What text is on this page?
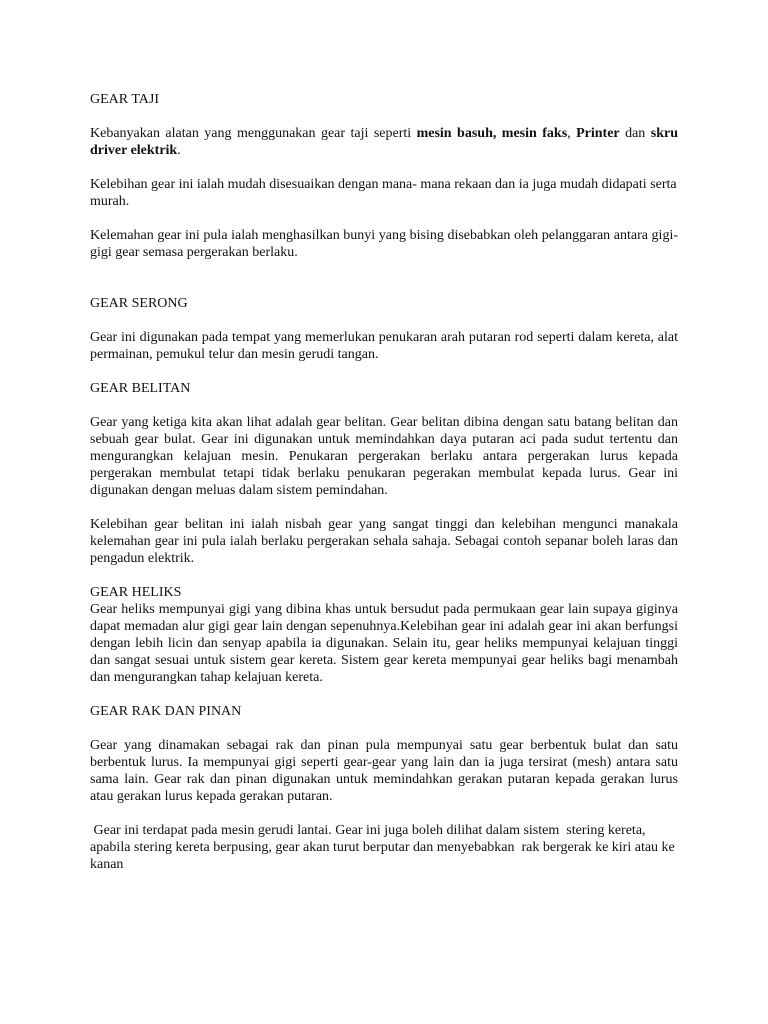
GEAR TAJI

Kebanyakan alatan yang menggunakan gear taji seperti mesin basuh, mesin faks, Printer dan skru driver elektrik.

Kelebihan gear ini ialah mudah disesuaikan dengan mana- mana rekaan dan ia juga mudah didapati serta murah.

Kelemahan gear ini pula ialah menghasilkan bunyi yang bising disebabkan oleh pelanggaran antara gigi-gigi gear semasa pergerakan berlaku.

GEAR SERONG

Gear ini digunakan pada tempat yang memerlukan penukaran arah putaran rod seperti dalam kereta, alat permainan, pemukul telur dan mesin gerudi tangan.

GEAR BELITAN

Gear yang ketiga kita akan lihat adalah gear belitan. Gear belitan dibina dengan satu batang belitan dan sebuah gear bulat. Gear ini digunakan untuk memindahkan daya putaran aci pada sudut tertentu dan mengurangkan kelajuan mesin. Penukaran pergerakan berlaku antara pergerakan lurus kepada pergerakan membulat tetapi tidak berlaku penukaran pegerakan membulat kepada lurus. Gear ini digunakan dengan meluas dalam sistem pemindahan.

Kelebihan gear belitan ini ialah nisbah gear yang sangat tinggi dan kelebihan mengunci manakala kelemahan gear ini pula ialah berlaku pergerakan sehala sahaja. Sebagai contoh sepanar boleh laras dan pengadun elektrik.

GEAR HELIKS

Gear heliks mempunyai gigi yang dibina khas untuk bersudut pada permukaan gear lain supaya giginya dapat memadan alur gigi gear lain dengan sepenuhnya.Kelebihan gear ini adalah gear ini akan berfungsi dengan lebih licin dan senyap apabila ia digunakan. Selain itu, gear heliks mempunyai kelajuan tinggi dan sangat sesuai untuk sistem gear kereta. Sistem gear kereta mempunyai gear heliks bagi menambah dan mengurangkan tahap kelajuan kereta.

GEAR RAK DAN PINAN

Gear yang dinamakan sebagai rak dan pinan pula mempunyai satu gear berbentuk bulat dan satu berbentuk lurus. Ia mempunyai gigi seperti gear-gear yang lain dan ia juga tersirat (mesh) antara satu sama lain. Gear rak dan pinan digunakan untuk memindahkan gerakan putaran kepada gerakan lurus atau gerakan lurus kepada gerakan putaran.

Gear ini terdapat pada mesin gerudi lantai. Gear ini juga boleh dilihat dalam sistem  stering kereta, apabila stering kereta berpusing, gear akan turut berputar dan menyebabkan  rak bergerak ke kiri atau ke kanan
